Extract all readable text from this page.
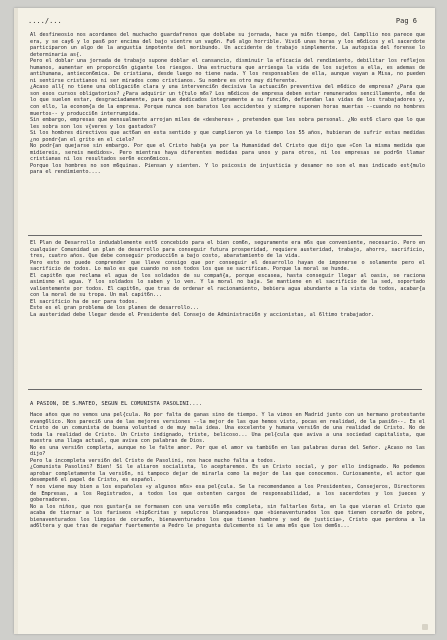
..../...	Pag 6

Al desfineosio nos acordamos del muchacho guardafrenos que doblabe su jornada, hace ya mi6n tiempo, del Campllio nos parece que era, y se cay6 y lo pas6 por encima del bajo vientre un vag6n. Fu6 algo horrible. Vivi6 unas horas y los m6dicos y el sacerdote participaron un algo de la angustia impotente del moribundo. Un accidente de trabajo simplemente. La autopsia del forense lo determinaria as{.

Pero el doblar una jornada de trabajo supone doblar el cansancio, disminuir la eficacia del rendimiento, debilitar los reflejos humanos, aumentar en proporci6n gigante los riesgos. Una estructura que arriesga la vida de los sujetos a ella, es ademas de antihumana, antiecon6mica. De cristiana, desde luego no tiene nada. Y los responsables de ella, aunque vayan a Misa, no pueden ni sentirse cristianos ni ser mirados como cristianos. Su nombre es otro muy diferente.

¿Acaso all{ no tiene una obligaci6n clara y una intervenci6n decisiva la actuaci6n preventiva del m6dico de empresa? ¿Para que son esos cursos obligatorios? ¿Para adquirir un t{tulo m6s? Los m6dicos de empresa deben estar remunerados sencillamente, m6s de lo que suelen estar, desgraciadamente, para que dedicados integramente a su funci6n, defiendan las vidas de los trabajadores y, con ello, la econom{a de la empresa. Porque nunca son baratos los accidentes y siempre suponen horas muertas --cuando no hombres muertos-- y producci6n interrumpida.

Sin embargo, empresas que mensualmente arrojan miles de «desheres» , pretenden que les sobra personal. ¿No est6 claro que lo que les sobra son los v{veres y los gastados?

Si los hombres directivos que act6an en esta sentido y que cumplieron ya lo tiempo los 55 años, hubieran de sufrir estas medidas ¿no pondr{an el grito en el cielo?

No podr{an quejarse sin embargo. Por que el Cristo hab{a ya por la Humanidad del Cristo que dijo que «Con la misma medida que midiereis, sereis medidos». Pero mientras haya diferentes medidas para unos y para otros, ni los empresas se podr6n llamar cristianas ni los resultados ser6n econ6micos.

Porque los hombres no son m6quinas. Piensan y sienten. Y lo psicosis de injusticia y desamor no son el mas indicado est{mulo para el rendimiento....

El Plan de Desarrollo indudablemente est6 concebido para el bien com6n, seguramente era m6s que conveniente, necesario. Pero en cualquier Comunidad un plan de desarrollo para conseguir futura prosperidad, requiere austeridad, trabajo, ahorro, sacrificio, tres, cuatro años. Que debe conseguir producci6n a bajo costo, abaratamiento de la vida.

Pero esto no puede comprender que lleve consigo que por conseguir el desarrollo hayan de imponerse o solamente pero el sacrificio de todos. Lo malo es que cuando no son todos los que se sacrifican. Porque la moral se hunde.

El capit6n que reclama el agua de los soldados de su compañ{a, porque escasea, hasta conseguir llegar al oasis, se raciona asimismo el agua. Y los soldados lo saben y lo ven. Y la moral no baja. Se mantiene en el sacrificio de la sed, soportado valientemente por todos. El capit6n, que tras de ordenar el racionamiento, bebiera agua abundante a la vista de todos, acabar{a con la moral de su tropa. Un mal capit6n...

El sacrificio ha de ser para todos.

Este es el gran problema de los planes de desarrollo...

La austeridad debe llegar desde el Presidente del Consejo de Administraci6n y accionistas, al 6ltimo trabajador.

A PASION, DE S.MATEO, SEGUN EL COMUNISTA PASOLINI....

Hace años que no vemos una pel{cula. No por falta de ganas sino de tiempo. Y la vimos en Madrid junto con un hermano protestante evang6lico. Nos pareci6 una de las mejores versiones --la mejor de las que hemos visto, pocas en realidad, de la pasi6n--. Es el Cristo de un comunista de buena voluntad o de muy mala idea. Una excelente y humana versi6n de una realidad de Cristo. No de toda la realidad de Cristo. Un Cristo indignado, triste, belicoso... Una pel{cula que aviva a una sociedad capitalista, que muestra una llaga actual, que aviva con palabras de Dios.

No es una versi6n completa, aunque no le falte amor. Por que el amor va tambi6n en las palabras duras del Señor. ¿Acaso no las dijo?

Pero la incompleta versi6n del Cristo de Pasolini, nos hace mucho falta a todos.

¿Comunista Pasolini? Bien! Si le aliaron socialista, lo aceptaremos. Es un Cristo social, y por ello indignado. No podemos aprobar completamente la versi6n, ni tampoco dejar de mirarla como la mejor de las que conocemos. Curiosamente, el actor que desempeñ6 el papel de Cristo, es español.

Y nos viene muy bien a los españoles «y algunos m6s» esa pel{cula. Se la recomendamos a los Presidentes, Consejeros, Directores de Empresas, a los Registrados, a todos los que ostenten cargos de responsabilidad, a los sacerdotes y los jueces y gobernadores.

No a los niños, que nos gustar{a se formasen con una versi6n m6s completa, sin faltarles 6sta, en la que vieran el Cristo que acaba de tiernar a los fariseos «hip6critas y sepulcros blanqueados» que «bienaventurados los que tienen coraz6n de pobre, bienaventurados los limpios de coraz6n, bienaventurados los que tienen hambre y sed de justicia», Cristo que perdona a la ad6ltera y que tras de regañar fuertemente a Pedro le pregunta dulcemente si le ama m6s que los dem6s...
